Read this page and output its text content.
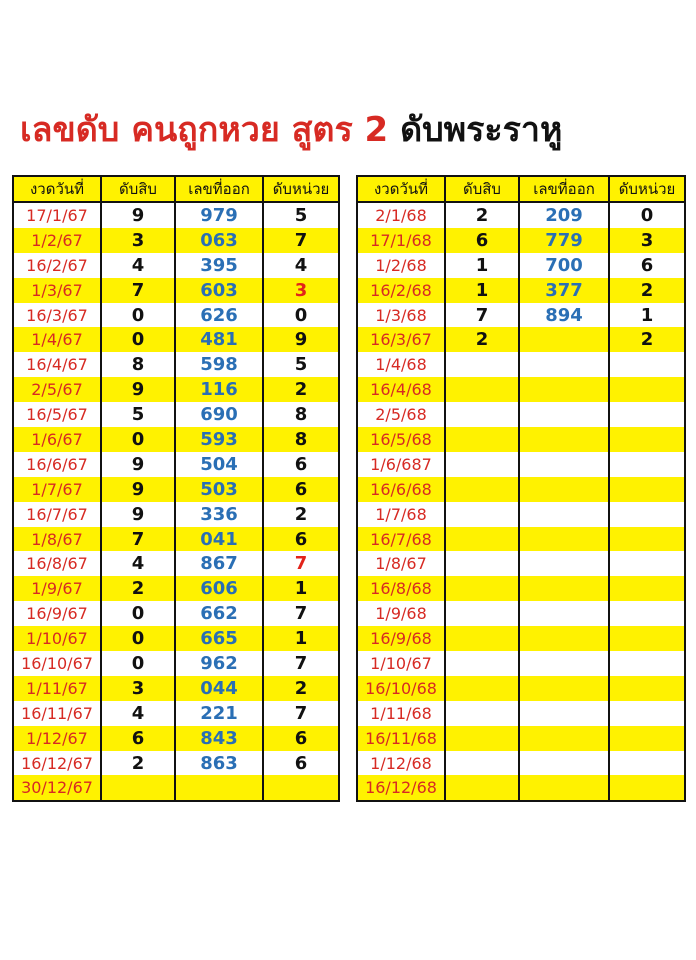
เลขดับ คนถูกหวย สูตร 2 ดับพระราหู
งวดวันที่	ดับสิบ	เลขที่ออก	ดับหน่วย
17/1/67	9	979	5
1/2/67	3	063	7
16/2/67	4	395	4
1/3/67	7	603	3
16/3/67	0	626	0
1/4/67	0	481	9
16/4/67	8	598	5
2/5/67	9	116	2
16/5/67	5	690	8
1/6/67	0	593	8
16/6/67	9	504	6
1/7/67	9	503	6
16/7/67	9	336	2
1/8/67	7	041	6
16/8/67	4	867	7
1/9/67	2	606	1
16/9/67	0	662	7
1/10/67	0	665	1
16/10/67	0	962	7
1/11/67	3	044	2
16/11/67	4	221	7
1/12/67	6	843	6
16/12/67	2	863	6
30/12/67			
งวดวันที่	ดับสิบ	เลขที่ออก	ดับหน่วย
2/1/68	2	209	0
17/1/68	6	779	3
1/2/68	1	700	6
16/2/68	1	377	2
1/3/68	7	894	1
16/3/67	2		2
1/4/68			
16/4/68			
2/5/68			
16/5/68			
1/6/687			
16/6/68			
1/7/68			
16/7/68			
1/8/67			
16/8/68			
1/9/68			
16/9/68			
1/10/67			
16/10/68			
1/11/68			
16/11/68			
1/12/68			
16/12/68			
